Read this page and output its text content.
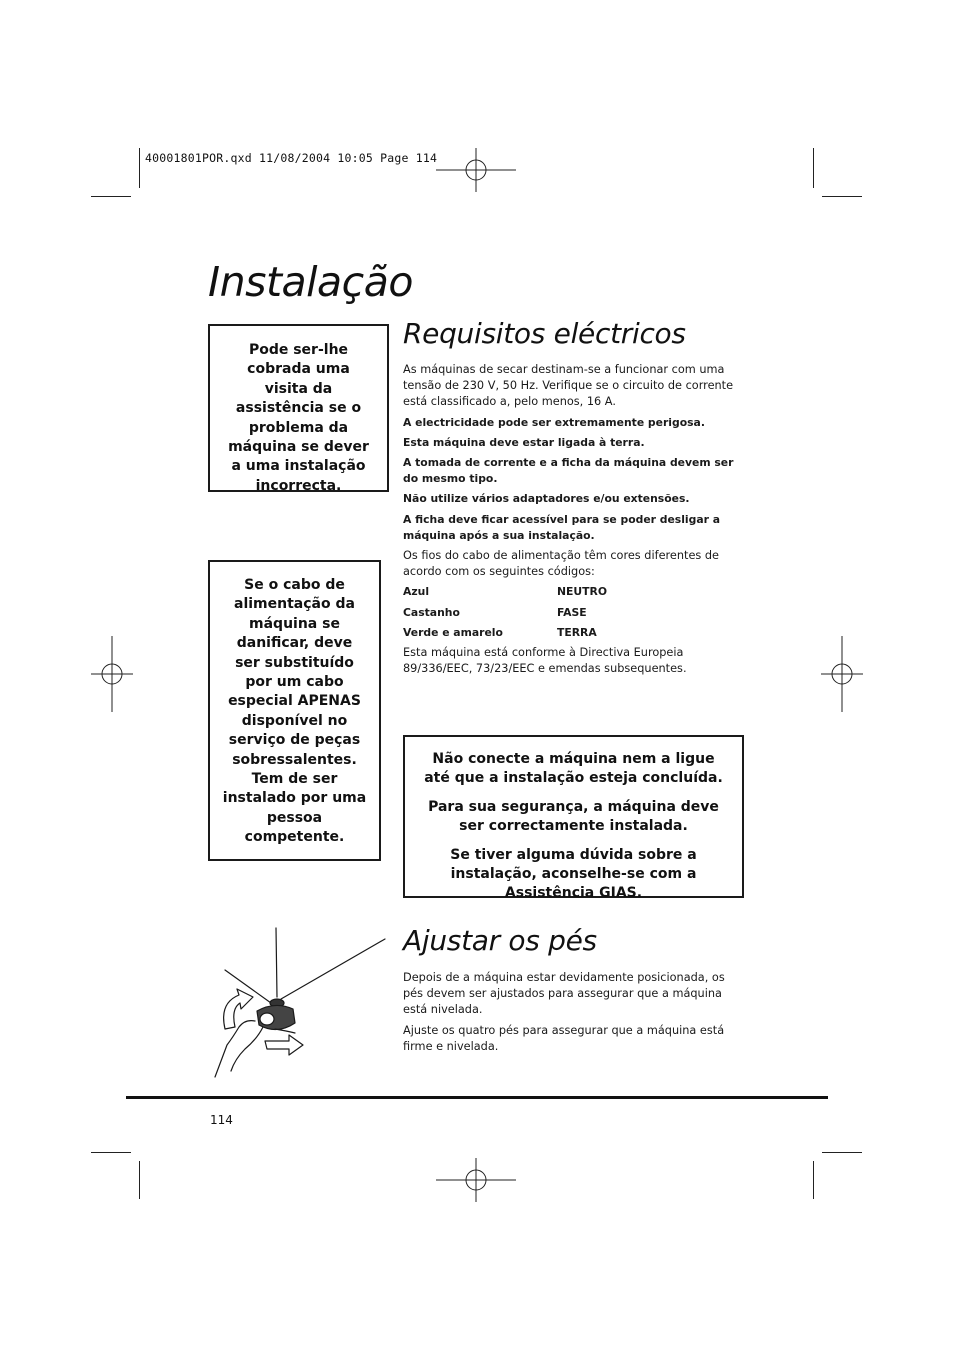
40001801POR.qxd 11/08/2004 10:05 Page 114
Instalação

Pode ser-lhe cobrada uma visita da assistência se o problema da máquina se dever a uma instalação incorrecta.

Se o cabo de alimentação da máquina se danificar, deve ser substituído por um cabo especial APENAS disponível no serviço de peças sobressalentes. Tem de ser instalado por uma pessoa competente.

Requisitos eléctricos

As máquinas de secar destinam-se a funcionar com uma tensão de 230 V, 50 Hz. Verifique se o circuito de corrente está classificado a, pelo menos, 16 A.

A electricidade pode ser extremamente perigosa.

Esta máquina deve estar ligada à terra.

A tomada de corrente e a ficha da máquina devem ser do mesmo tipo.

Não utilize vários adaptadores e/ou extensões.

A ficha deve ficar acessível para se poder desligar a máquina após a sua instalação.

Os fios do cabo de alimentação têm cores diferentes de acordo com os seguintes códigos:

Azul	NEUTRO
Castanho	FASE
Verde e amarelo	TERRA

Esta máquina está conforme à Directiva Europeia 89/336/EEC, 73/23/EEC e emendas subsequentes.

Não conecte a máquina nem a ligue até que a instalação esteja concluída.

Para sua segurança, a máquina deve ser correctamente instalada.

Se tiver alguma dúvida sobre a instalação, aconselhe-se com a Assistência GIAS.

Ajustar os pés

Depois de a máquina estar devidamente posicionada, os pés devem ser ajustados para assegurar que a máquina está nivelada.

Ajuste os quatro pés para assegurar que a máquina está firme e nivelada.

114
